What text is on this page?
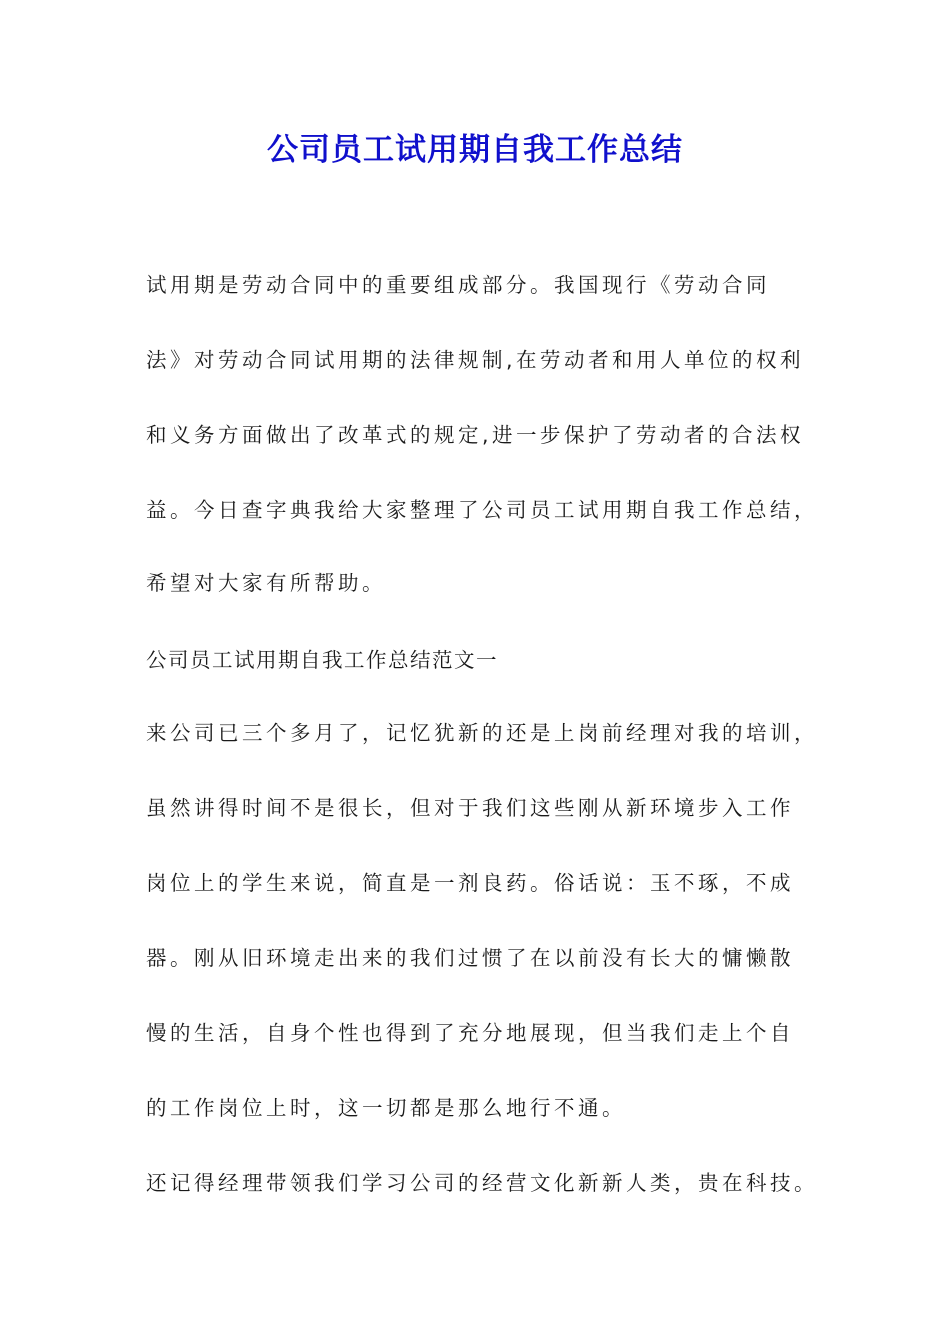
公司员工试用期自我工作总结
试用期是劳动合同中的重要组成部分。我国现行《劳动合同
法》对劳动合同试用期的法律规制,在劳动者和用人单位的权利
和义务方面做出了改革式的规定,进一步保护了劳动者的合法权
益。今日查字典我给大家整理了公司员工试用期自我工作总结，
希望对大家有所帮助。
公司员工试用期自我工作总结范文一
来公司已三个多月了，记忆犹新的还是上岗前经理对我的培训，
虽然讲得时间不是很长，但对于我们这些刚从新环境步入工作
岗位上的学生来说，简直是一剂良药。俗话说：玉不琢，不成
器。刚从旧环境走出来的我们过惯了在以前没有长大的慵懒散
慢的生活，自身个性也得到了充分地展现，但当我们走上个自
的工作岗位上时，这一切都是那么地行不通。
还记得经理带领我们学习公司的经营文化新新人类，贵在科技。
